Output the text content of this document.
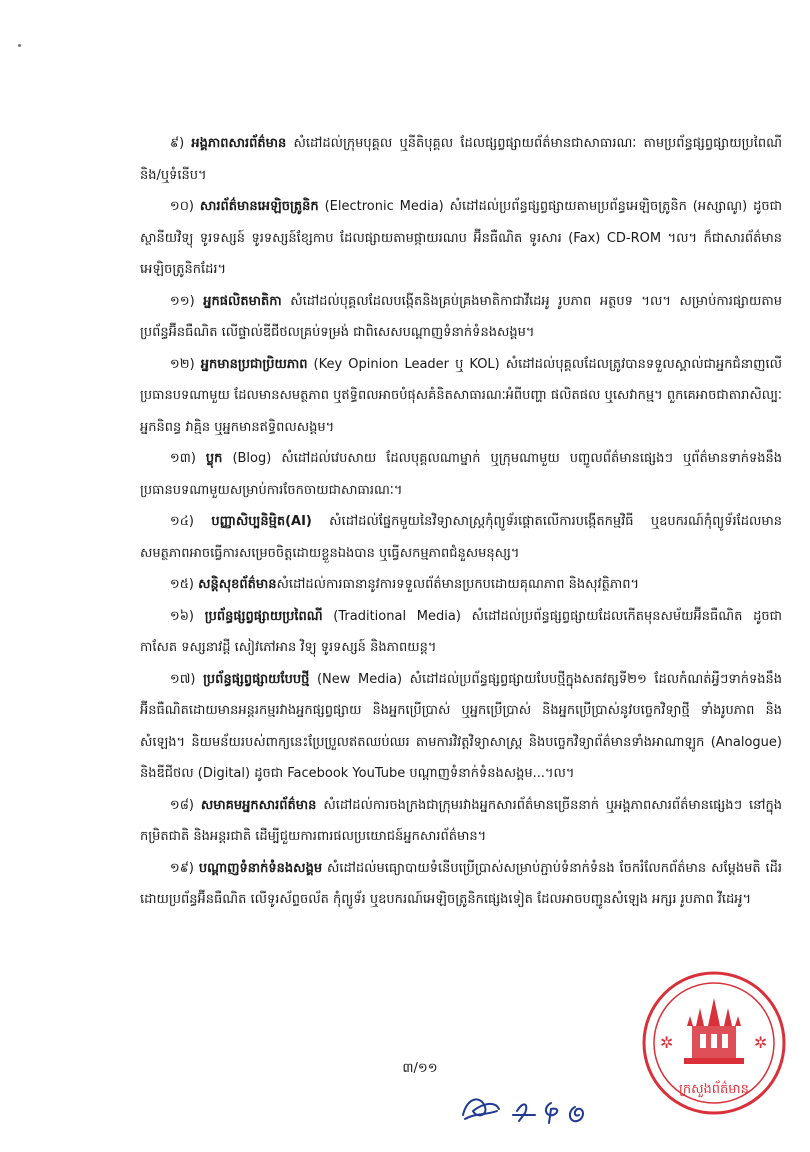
៩) អង្គភាពសារព័ត៌មាន សំដៅដល់ក្រុមបុគ្គល ឬនីតិបុគ្គល ដែលផ្សព្វផ្សាយព័ត៌មានជាសាធារណៈ តាមប្រព័ន្ធផ្សព្វផ្សាយប្រពៃណី និង/ឬទំនើប។

១០) សារព័ត៌មានអេឡិចត្រូនិក (Electronic Media) សំដៅដល់ប្រព័ន្ធផ្សព្វផ្សាយតាមប្រព័ន្ធអេឡិចត្រូនិក (អស្សាណូ) ដូចជា ស្ថានីយវិទ្យុ ទូរទស្សន៍ ទូរទស្សន៍ខ្សែកាប ដែលផ្សាយតាមផ្កាយរណប អ៊ីនធឺណិត ទូរសារ (Fax) CD-ROM ។ល។ ក៏ជាសារព័ត៌មានអេឡិចត្រូនិកដែរ។

១១) អ្នកផលិតមាតិកា សំដៅដល់បុគ្គលដែលបង្កើតនិងគ្រប់គ្រងមាតិកាជាវីដេអូ រូបភាព អត្ថបទ ។ល។ សម្រាប់ការផ្សាយតាមប្រព័ន្ធអ៊ីនធឺណិត លើផ្ទាល់ឌីជីថលគ្រប់ទម្រង់ ជាពិសេសបណ្ដាញទំនាក់ទំនងសង្គម។

១២) អ្នកមានប្រជាប្រិយភាព (Key Opinion Leader ឬ KOL) សំដៅដល់បុគ្គលដែលត្រូវបានទទួលស្គាល់ជាអ្នកជំនាញលើប្រធានបទណាមួយ ដែលមានសមត្ថភាព ឬឥទ្ធិពលអាចបំផុសគំនិតសាធារណៈអំពីបញ្ហា ផលិតផល ឬសេវាកម្ម។ ពួកគេអាចជាតារាសិល្បៈ អ្នកនិពន្ធ វាគ្មិន ឬអ្នកមានឥទ្ធិពលសង្គម។

១៣) ប្លុក (Blog) សំដៅដល់វេបសាយ ដែលបុគ្គលណាម្នាក់ ឬក្រុមណាមួយ បញ្ចូលព័ត៌មានផ្សេងៗ ឬព័ត៌មានទាក់ទងនឹងប្រធានបទណាមួយសម្រាប់ការចែកចាយជាសាធារណៈ។

១៤) បញ្ញាសិប្បនិម្មិត(AI) សំដៅដល់ផ្នែកមួយនៃវិទ្យាសាស្ត្រកុំព្យូទ័រផ្ដោតលើការបង្កើតកម្មវិធី ឬឧបករណ៍កុំព្យូទ័រដែលមានសមត្ថភាពអាចធ្វើការសម្រេចចិត្តដោយខ្លួនឯងបាន ឬធ្វើសកម្មភាពជំនួសមនុស្ស។

១៥) សន្តិសុខព័ត៌មានសំដៅដល់ការធានានូវការទទួលព័ត៌មានប្រកបដោយគុណភាព និងសុវត្ថិភាព។

១៦) ប្រព័ន្ធផ្សព្វផ្សាយប្រពៃណី (Traditional Media) សំដៅដល់ប្រព័ន្ធផ្សព្វផ្សាយដែលកើតមុនសម័យអ៊ីនធឺណិត ដូចជា កាសែត ទស្សនាវដ្ដី សៀវភៅអាន វិទ្យុ ទូរទស្សន៍ និងភាពយន្ត។

១៧) ប្រព័ន្ធផ្សព្វផ្សាយបែបថ្មី (New Media) សំដៅដល់ប្រព័ន្ធផ្សព្វផ្សាយបែបថ្មីក្នុងសតវត្សទី២១ ដែលកំណត់អ្វីៗទាក់ទងនឹងអ៊ីនធឺណិតដោយមានអន្តរកម្មរវាងអ្នកផ្សព្វផ្សាយ និងអ្នកប្រើប្រាស់ ឬអ្នកប្រើប្រាស់ និងអ្នកប្រើប្រាស់នូវបច្ចេកវិទ្យាថ្មី ទាំងរូបភាព និងសំឡេង។ និយមន័យរបស់ពាក្យនេះប្រែប្រួលឥតឈប់ឈរ តាមការវិវត្តវិទ្យាសាស្ត្រ និងបច្ចេកវិទ្យាព័ត៌មានទាំងអាណាឡូក (Analogue) និងឌីជីថល (Digital) ដូចជា Facebook YouTube បណ្ដាញទំនាក់ទំនងសង្គម...។ល។

១៨) សមាគមអ្នកសារព័ត៌មាន សំដៅដល់ការចងក្រងជាក្រុមរវាងអ្នកសារព័ត៌មានច្រើននាក់ ឬអង្គភាពសារព័ត៌មានផ្សេងៗ នៅក្នុង កម្រិតជាតិ និងអន្តរជាតិ ដើម្បីជួយការពារផលប្រយោជន៍អ្នកសារព័ត៌មាន។

១៩) បណ្ដាញទំនាក់ទំនងសង្គម សំដៅដល់មធ្យោបាយទំនើបប្រើប្រាស់សម្រាប់ភ្ជាប់ទំនាក់ទំនង ចែករំលែកព័ត៌មាន សម្ដែងមតិ ដើរដោយប្រព័ន្ធអ៊ីនធឺណិត លើទូរស័ព្ទចល័ត កុំព្យូទ័រ ឬឧបករណ៍អេឡិចត្រូនិកផ្សេងទៀត ដែលអាចបញ្ជូនសំឡេង អក្សរ រូបភាព វីដេអូ។

✲	✲
ក្រសួងព័ត៌មាន
៣/១១
